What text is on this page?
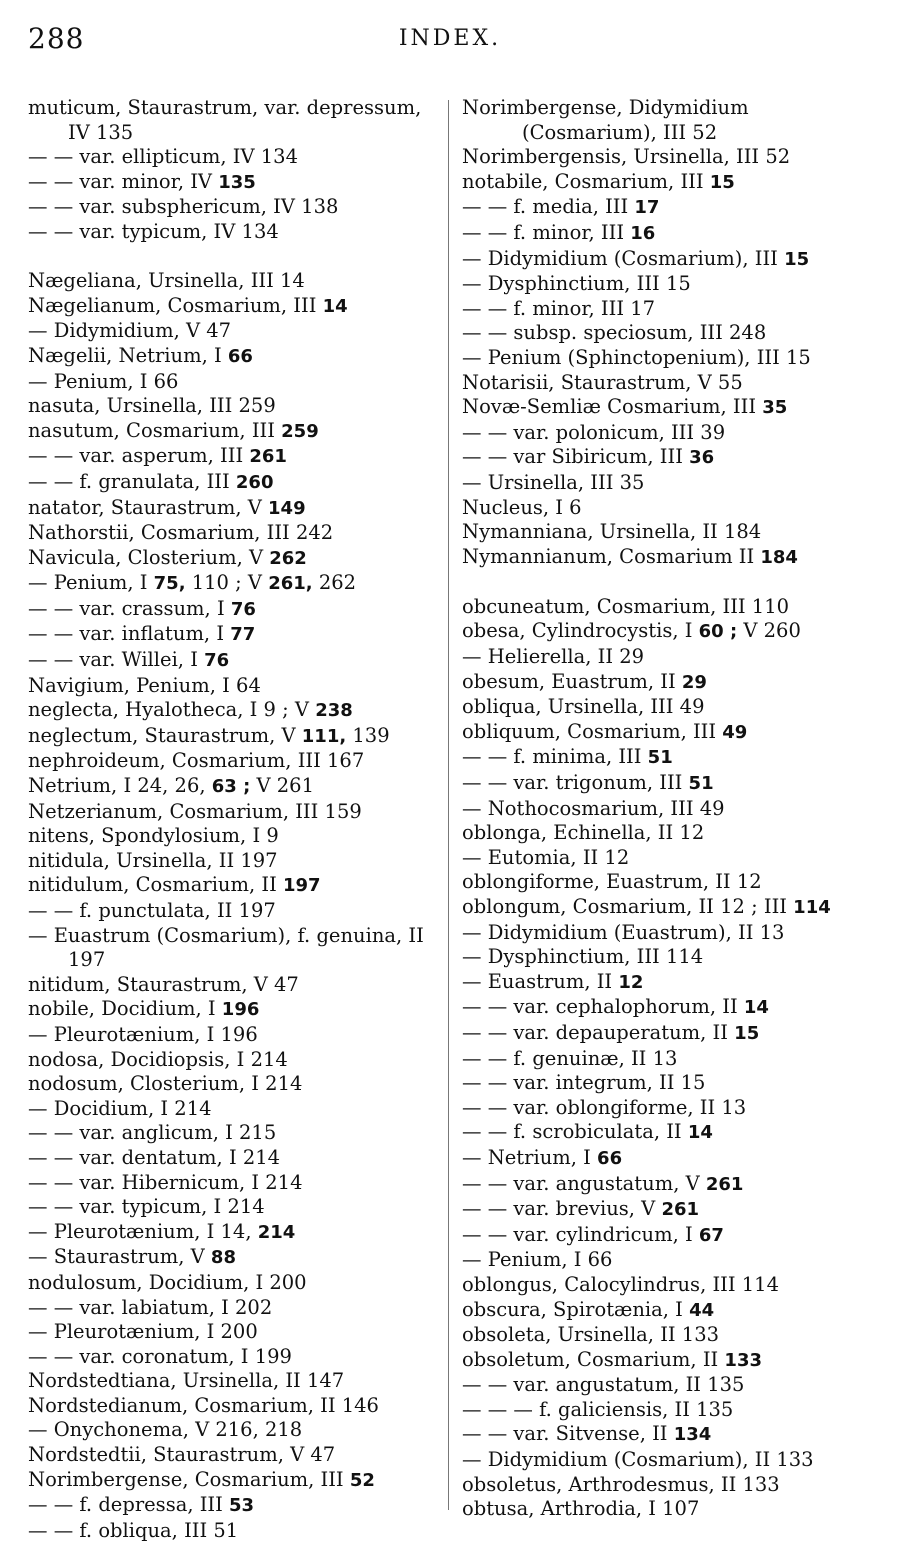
288	INDEX.
muticum, Staurastrum, var. depressum, IV 135
— — var. ellipticum, IV 134
— — var. minor, IV 135
— — var. subsphericum, IV 138
— — var. typicum, IV 134
Nægeliana, Ursinella, III 14
Nægelianum, Cosmarium, III 14
— Didymidium, V 47
Nægelii, Netrium, I 66
— Penium, I 66
nasuta, Ursinella, III 259
nasutum, Cosmarium, III 259
— — var. asperum, III 261
— — f. granulata, III 260
natator, Staurastrum, V 149
Nathorstii, Cosmarium, III 242
Navicula, Closterium, V 262
— Penium, I 75, 110 ; V 261, 262
— — var. crassum, I 76
— — var. inflatum, I 77
— — var. Willei, I 76
Navigium, Penium, I 64
neglecta, Hyalotheca, I 9 ; V 238
neglectum, Staurastrum, V 111, 139
nephroideum, Cosmarium, III 167
Netrium, I 24, 26, 63 ; V 261
Netzerianum, Cosmarium, III 159
nitens, Spondylosium, I 9
nitidula, Ursinella, II 197
nitidulum, Cosmarium, II 197
— — f. punctulata, II 197
— Euastrum (Cosmarium), f. genuina, II 197
nitidum, Staurastrum, V 47
nobile, Docidium, I 196
— Pleurotænium, I 196
nodosa, Docidiopsis, I 214
nodosum, Closterium, I 214
— Docidium, I 214
— — var. anglicum, I 215
— — var. dentatum, I 214
— — var. Hibernicum, I 214
— — var. typicum, I 214
— Pleurotænium, I 14, 214
— Staurastrum, V 88
nodulosum, Docidium, I 200
— — var. labiatum, I 202
— Pleurotænium, I 200
— — var. coronatum, I 199
Nordstedtiana, Ursinella, II 147
Nordstedianum, Cosmarium, II 146
— Onychonema, V 216, 218
Nordstedtii, Staurastrum, V 47
Norimbergense, Cosmarium, III 52
— — f. depressa, III 53
— — f. obliqua, III 51
Norimbergense, Didymidium (Cosmarium), III 52
Norimbergensis, Ursinella, III 52
notabile, Cosmarium, III 15
— — f. media, III 17
— — f. minor, III 16
— Didymidium (Cosmarium), III 15
— Dysphinctium, III 15
— — f. minor, III 17
— — subsp. speciosum, III 248
— Penium (Sphinctopenium), III 15
Notarisii, Staurastrum, V 55
Novæ-Semliæ Cosmarium, III 35
— — var. polonicum, III 39
— — var Sibiricum, III 36
— Ursinella, III 35
Nucleus, I 6
Nymanniana, Ursinella, II 184
Nymannianum, Cosmarium II 184
obcuneatum, Cosmarium, III 110
obesa, Cylindrocystis, I 60 ; V 260
— Helierella, II 29
obesum, Euastrum, II 29
obliqua, Ursinella, III 49
obliquum, Cosmarium, III 49
— — f. minima, III 51
— — var. trigonum, III 51
— Nothocosmarium, III 49
oblonga, Echinella, II 12
— Eutomia, II 12
oblongiforme, Euastrum, II 12
oblongum, Cosmarium, II 12 ; III 114
— Didymidium (Euastrum), II 13
— Dysphinctium, III 114
— Euastrum, II 12
— — var. cephalophorum, II 14
— — var. depauperatum, II 15
— — f. genuinæ, II 13
— — var. integrum, II 15
— — var. oblongiforme, II 13
— — f. scrobiculata, II 14
— Netrium, I 66
— — var. angustatum, V 261
— — var. brevius, V 261
— — var. cylindricum, I 67
— Penium, I 66
oblongus, Calocylindrus, III 114
obscura, Spirotænia, I 44
obsoleta, Ursinella, II 133
obsoletum, Cosmarium, II 133
— — var. angustatum, II 135
— — — f. galiciensis, II 135
— — var. Sitvense, II 134
— Didymidium (Cosmarium), II 133
obsoletus, Arthrodesmus, II 133
obtusa, Arthrodia, I 107
